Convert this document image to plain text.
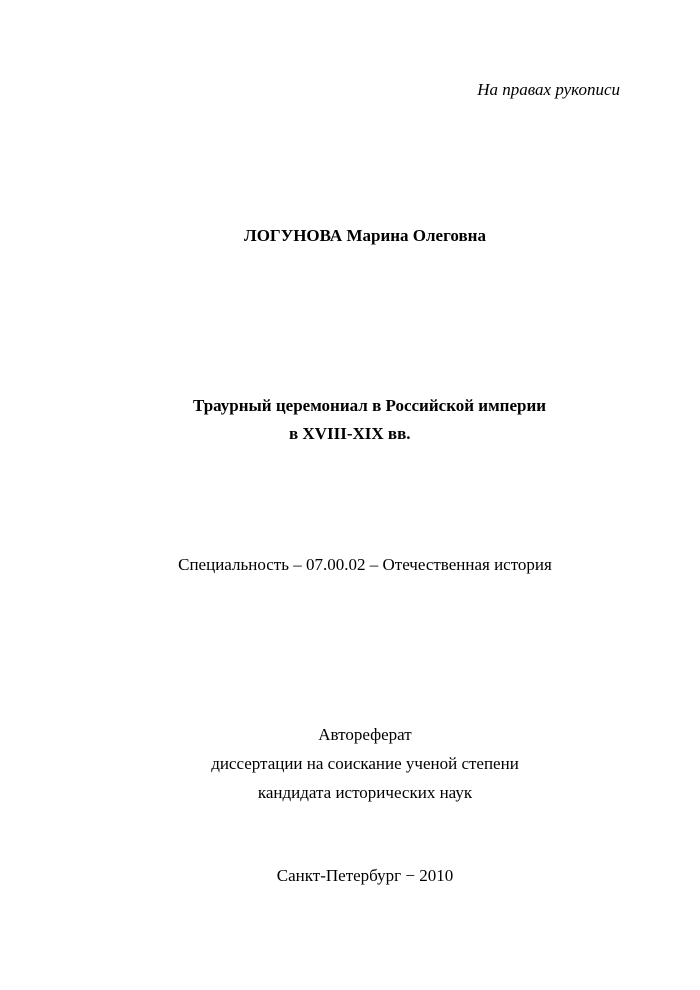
На правах рукописи
ЛОГУНОВА Марина Олеговна
Траурный церемониал в Российской империи
в XVIII-XIX вв.
Специальность – 07.00.02 – Отечественная история
Автореферат
диссертации на соискание ученой степени
кандидата исторических наук
Санкт-Петербург − 2010
